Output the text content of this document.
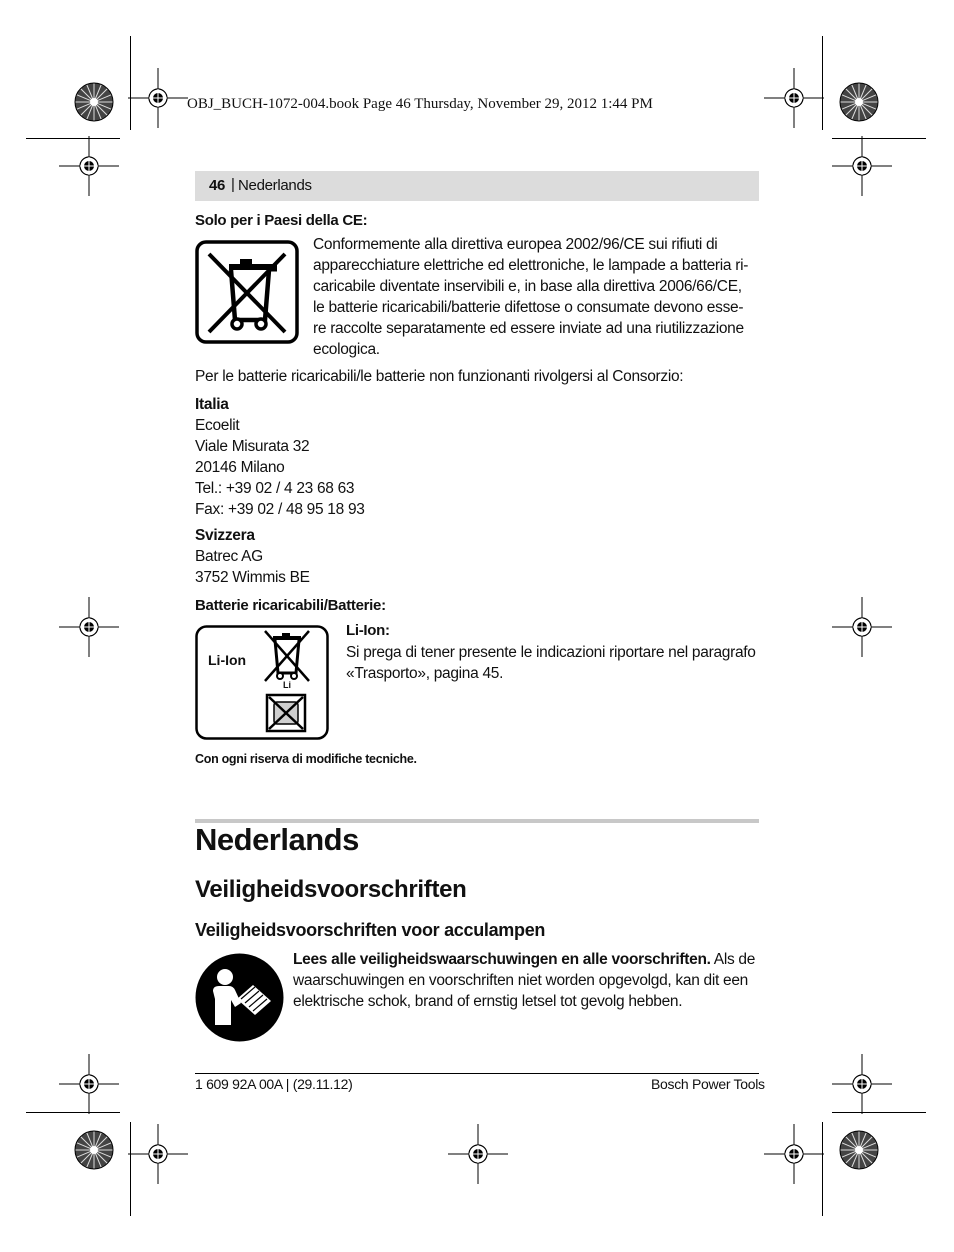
OBJ_BUCH-1072-004.book Page 46 Thursday, November 29, 2012 1:44 PM
46 | Nederlands
Solo per i Paesi della CE:
Conformemente alla direttiva europea 2002/96/CE sui rifiuti di
apparecchiature elettriche ed elettroniche, le lampade a batteria ri-
caricabile diventate inservibili e, in base alla direttiva 2006/66/CE,
le batterie ricaricabili/batterie difettose o consumate devono esse-
re raccolte separatamente ed essere inviate ad una riutilizzazione
ecologica.
Per le batterie ricaricabili/le batterie non funzionanti rivolgersi al Consorzio:
Italia
Ecoelit
Viale Misurata 32
20146 Milano
Tel.: +39 02 / 4 23 68 63
Fax: +39 02 / 48 95 18 93
Svizzera
Batrec AG
3752 Wimmis BE
Batterie ricaricabili/Batterie:
Li-Ion
Li
Li-Ion:
Si prega di tener presente le indicazioni riportare nel paragrafo
«Trasporto», pagina 45.
Con ogni riserva di modifiche tecniche.
Nederlands
Veiligheidsvoorschriften
Veiligheidsvoorschriften voor acculampen
Lees alle veiligheidswaarschuwingen en alle voorschriften. Als de
waarschuwingen en voorschriften niet worden opgevolgd, kan dit een
elektrische schok, brand of ernstig letsel tot gevolg hebben.
1 609 92A 00A | (29.11.12)	Bosch Power Tools
